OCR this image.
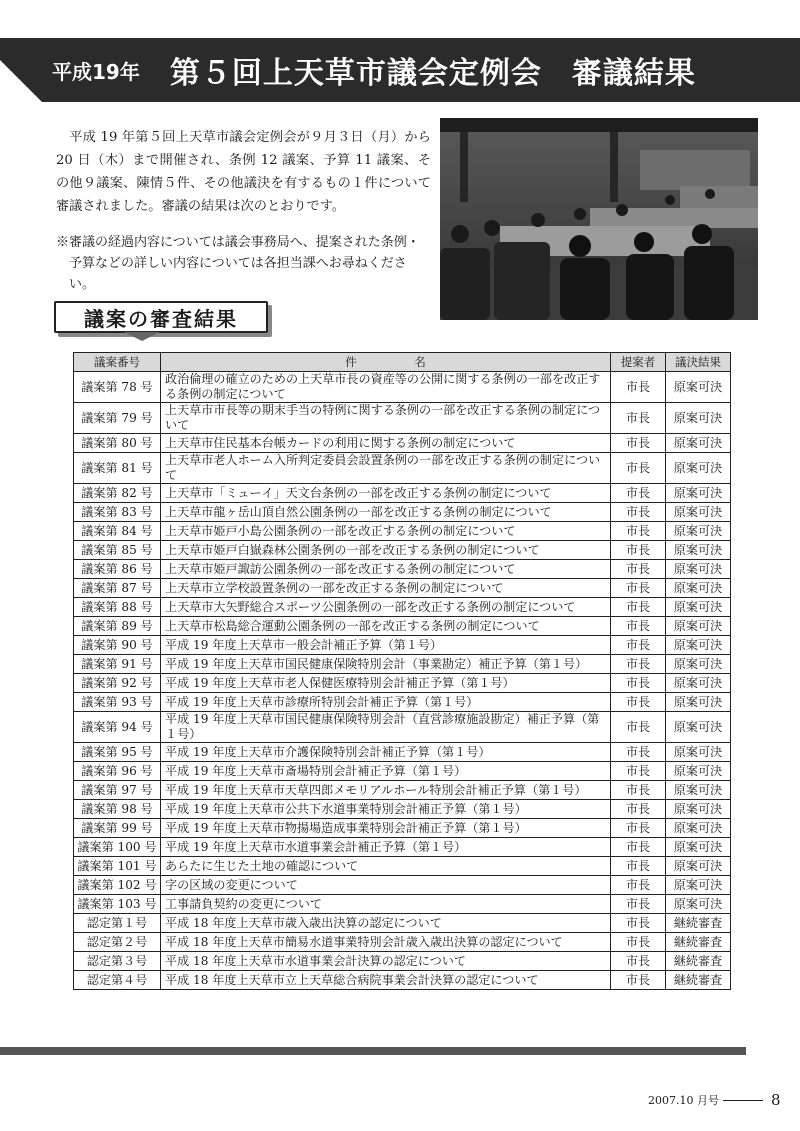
平成19年 第５回上天草市議会定例会 審議結果

平成 19 年第５回上天草市議会定例会が９月３日（月）から 20 日（木）まで開催され、条例 12 議案、予算 11 議案、その他９議案、陳情５件、その他議決を有するもの１件について審議されました。審議の結果は次のとおりです。

※審議の経過内容については議会事務局へ、提案された条例・予算などの詳しい内容については各担当課へお尋ねください。
議案の審査結果
議案番号	件　　　　　名	提案者	議決結果
議案第 78 号	政治倫理の確立のための上天草市長の資産等の公開に関する条例の一部を改正する条例の制定について	市長	原案可決
議案第 79 号	上天草市市長等の期末手当の特例に関する条例の一部を改正する条例の制定について	市長	原案可決
議案第 80 号	上天草市住民基本台帳カードの利用に関する条例の制定について	市長	原案可決
議案第 81 号	上天草市老人ホーム入所判定委員会設置条例の一部を改正する条例の制定について	市長	原案可決
議案第 82 号	上天草市「ミューイ」天文台条例の一部を改正する条例の制定について	市長	原案可決
議案第 83 号	上天草市龍ヶ岳山頂自然公園条例の一部を改正する条例の制定について	市長	原案可決
議案第 84 号	上天草市姫戸小島公園条例の一部を改正する条例の制定について	市長	原案可決
議案第 85 号	上天草市姫戸白嶽森林公園条例の一部を改正する条例の制定について	市長	原案可決
議案第 86 号	上天草市姫戸諏訪公園条例の一部を改正する条例の制定について	市長	原案可決
議案第 87 号	上天草市立学校設置条例の一部を改正する条例の制定について	市長	原案可決
議案第 88 号	上天草市大矢野総合スポーツ公園条例の一部を改正する条例の制定について	市長	原案可決
議案第 89 号	上天草市松島総合運動公園条例の一部を改正する条例の制定について	市長	原案可決
議案第 90 号	平成 19 年度上天草市一般会計補正予算（第１号）	市長	原案可決
議案第 91 号	平成 19 年度上天草市国民健康保険特別会計（事業勘定）補正予算（第１号）	市長	原案可決
議案第 92 号	平成 19 年度上天草市老人保健医療特別会計補正予算（第１号）	市長	原案可決
議案第 93 号	平成 19 年度上天草市診療所特別会計補正予算（第１号）	市長	原案可決
議案第 94 号	平成 19 年度上天草市国民健康保険特別会計（直営診療施設勘定）補正予算（第１号）	市長	原案可決
議案第 95 号	平成 19 年度上天草市介護保険特別会計補正予算（第１号）	市長	原案可決
議案第 96 号	平成 19 年度上天草市斎場特別会計補正予算（第１号）	市長	原案可決
議案第 97 号	平成 19 年度上天草市天草四郎メモリアルホール特別会計補正予算（第１号）	市長	原案可決
議案第 98 号	平成 19 年度上天草市公共下水道事業特別会計補正予算（第１号）	市長	原案可決
議案第 99 号	平成 19 年度上天草市物揚場造成事業特別会計補正予算（第１号）	市長	原案可決
議案第 100 号	平成 19 年度上天草市水道事業会計補正予算（第１号）	市長	原案可決
議案第 101 号	あらたに生じた土地の確認について	市長	原案可決
議案第 102 号	字の区域の変更について	市長	原案可決
議案第 103 号	工事請負契約の変更について	市長	原案可決
認定第１号	平成 18 年度上天草市歳入歳出決算の認定について	市長	継続審査
認定第２号	平成 18 年度上天草市簡易水道事業特別会計歳入歳出決算の認定について	市長	継続審査
認定第３号	平成 18 年度上天草市水道事業会計決算の認定について	市長	継続審査
認定第４号	平成 18 年度上天草市立上天草総合病院事業会計決算の認定について	市長	継続審査
2007.10 月号	8
